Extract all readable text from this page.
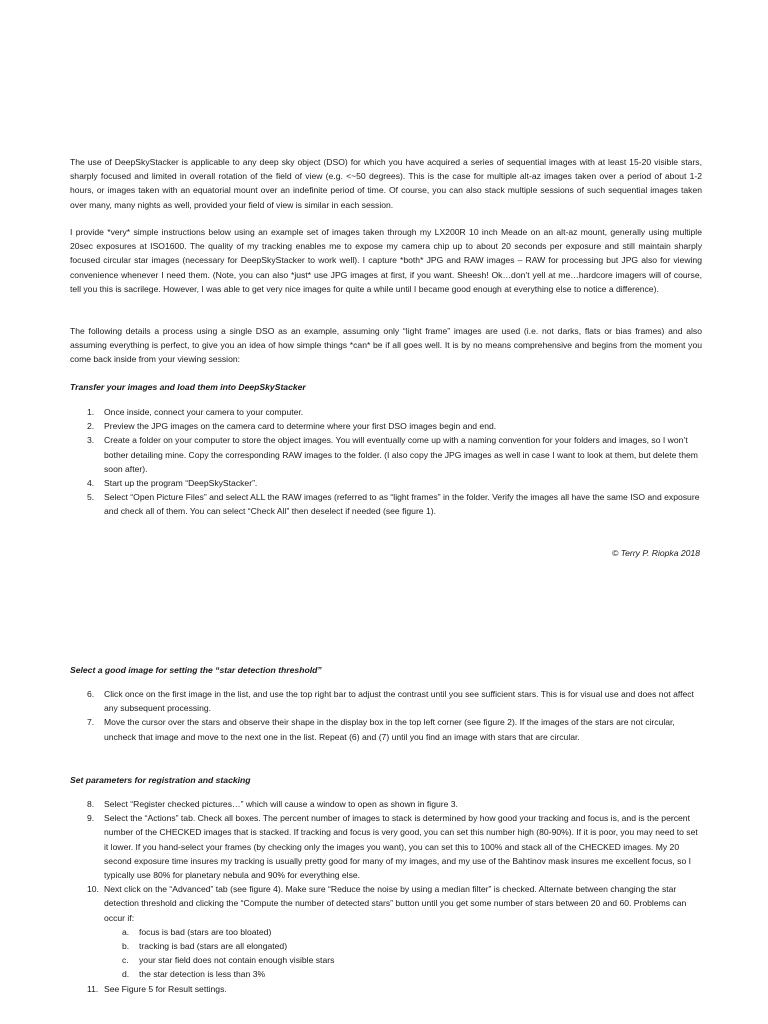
The use of DeepSkyStacker is applicable to any deep sky object (DSO) for which you have acquired a series of sequential images with at least 15-20 visible stars, sharply focused and limited in overall rotation of the field of view (e.g. <~50 degrees). This is the case for multiple alt-az images taken over a period of about 1-2 hours, or images taken with an equatorial mount over an indefinite period of time. Of course, you can also stack multiple sessions of such sequential images taken over many, many nights as well, provided your field of view is similar in each session.

I provide *very* simple instructions below using an example set of images taken through my LX200R 10 inch Meade on an alt-az mount, generally using multiple 20sec exposures at ISO1600. The quality of my tracking enables me to expose my camera chip up to about 20 seconds per exposure and still maintain sharply focused circular star images (necessary for DeepSkyStacker to work well). I capture *both* JPG and RAW images – RAW for processing but JPG also for viewing convenience whenever I need them. (Note, you can also *just* use JPG images at first, if you want. Sheesh! Ok…don’t yell at me…hardcore imagers will of course, tell you this is sacrilege. However, I was able to get very nice images for quite a while until I became good enough at everything else to notice a difference).

The following details a process using a single DSO as an example, assuming only “light frame” images are used (i.e. not darks, flats or bias frames) and also assuming everything is perfect, to give you an idea of how simple things *can* be if all goes well. It is by no means comprehensive and begins from the moment you come back inside from your viewing session:

Transfer your images and load them into DeepSkyStacker

1. Once inside, connect your camera to your computer.
2. Preview the JPG images on the camera card to determine where your first DSO images begin and end.
3. Create a folder on your computer to store the object images. You will eventually come up with a naming convention for your folders and images, so I won’t bother detailing mine. Copy the corresponding RAW images to the folder. (I also copy the JPG images as well in case I want to look at them, but delete them soon after).
4. Start up the program “DeepSkyStacker”.
5. Select “Open Picture Files” and select ALL the RAW images (referred to as “light frames” in the folder. Verify the images all have the same ISO and exposure and check all of them. You can select “Check All” then deselect if needed (see figure 1).
© Terry P. Riopka 2018

Select a good image for setting the “star detection threshold”

6. Click once on the first image in the list, and use the top right bar to adjust the contrast until you see sufficient stars. This is for visual use and does not affect any subsequent processing.
7. Move the cursor over the stars and observe their shape in the display box in the top left corner (see figure 2). If the images of the stars are not circular, uncheck that image and move to the next one in the list. Repeat (6) and (7) until you find an image with stars that are circular.

Set parameters for registration and stacking

8. Select “Register checked pictures…” which will cause a window to open as shown in figure 3.
9. Select the “Actions” tab. Check all boxes. The percent number of images to stack is determined by how good your tracking and focus is, and is the percent number of the CHECKED images that is stacked. If tracking and focus is very good, you can set this number high (80-90%). If it is poor, you may need to set it lower. If you hand-select your frames (by checking only the images you want), you can set this to 100% and stack all of the CHECKED images. My 20 second exposure time insures my tracking is usually pretty good for many of my images, and my use of the Bahtinov mask insures me excellent focus, so I typically use 80% for planetary nebula and 90% for everything else.
10. Next click on the “Advanced” tab (see figure 4). Make sure “Reduce the noise by using a median filter” is checked. Alternate between changing the star detection threshold and clicking the “Compute the number of detected stars” button until you get some number of stars between 20 and 60. Problems can occur if:
a. focus is bad (stars are too bloated)
b. tracking is bad (stars are all elongated)
c. your star field does not contain enough visible stars
d. the star detection is less than 3%
11. See Figure 5 for Result settings.
